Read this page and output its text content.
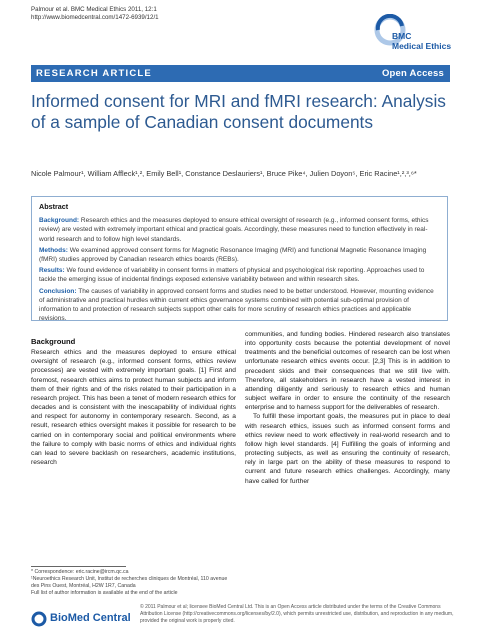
Palmour et al. BMC Medical Ethics 2011, 12:1
http://www.biomedcentral.com/1472-6939/12/1
BMC
Medical Ethics
RESEARCH ARTICLE	Open Access
Informed consent for MRI and fMRI research: Analysis of a sample of Canadian consent documents
Nicole Palmour¹, William Affleck¹,², Emily Bell¹, Constance Deslauriers¹, Bruce Pike⁴, Julien Doyon⁵, Eric Racine¹,²,³,⁶*
Abstract

Background: Research ethics and the measures deployed to ensure ethical oversight of research (e.g., informed consent forms, ethics review) are vested with extremely important ethical and practical goals. Accordingly, these measures need to function effectively in real-world research and to follow high level standards.

Methods: We examined approved consent forms for Magnetic Resonance Imaging (MRI) and functional Magnetic Resonance Imaging (fMRI) studies approved by Canadian research ethics boards (REBs).

Results: We found evidence of variability in consent forms in matters of physical and psychological risk reporting. Approaches used to tackle the emerging issue of incidental findings exposed extensive variability between and within research sites.

Conclusion: The causes of variability in approved consent forms and studies need to be better understood. However, mounting evidence of administrative and practical hurdles within current ethics governance systems combined with potential sub-optimal provision of information to and protection of research subjects support other calls for more scrutiny of research ethics practices and applicable revisions.

Background

Research ethics and the measures deployed to ensure ethical oversight of research (e.g., informed consent forms, ethics review processes) are vested with extremely important goals. [1] First and foremost, research ethics aims to protect human subjects and inform them of their rights and of the risks related to their participation in a research project. This has been a tenet of modern research ethics for decades and is consistent with the inescapability of individual rights and respect for autonomy in contemporary research. Second, as a result, research ethics oversight makes it possible for research to be carried on in contemporary social and political environments where the failure to comply with basic norms of ethics and individual rights can lead to severe backlash on researchers, academic institutions, research

communities, and funding bodies. Hindered research also translates into opportunity costs because the potential development of novel treatments and the beneficial outcomes of research can be lost when unfortunate research ethics events occur. [2,3] This is in addition to precedent skids and their consequences that we still live with. Therefore, all stakeholders in research have a vested interest in attending diligently and seriously to research ethics and human subject welfare in order to ensure the continuity of the research enterprise and to harness support for the deliverables of research.

To fulfill these important goals, the measures put in place to deal with research ethics, issues such as informed consent forms and ethics review need to work effectively in real-world research and to follow high level standards. [4] Fulfilling the goals of informing and protecting subjects, as well as ensuring the continuity of research, rely in large part on the ability of these measures to respond to current and future research ethics challenges. Accordingly, many have called for further

* Correspondence: eric.racine@ircm.qc.ca
¹Neuroethics Research Unit, Institut de recherches cliniques de Montréal, 110 avenue des Pins Ouest, Montréal, H2W 1R7, Canada
Full list of author information is available at the end of the article
BioMed Central
© 2011 Palmour et al; licensee BioMed Central Ltd. This is an Open Access article distributed under the terms of the Creative Commons Attribution License (http://creativecommons.org/licenses/by/2.0), which permits unrestricted use, distribution, and reproduction in any medium, provided the original work is properly cited.
